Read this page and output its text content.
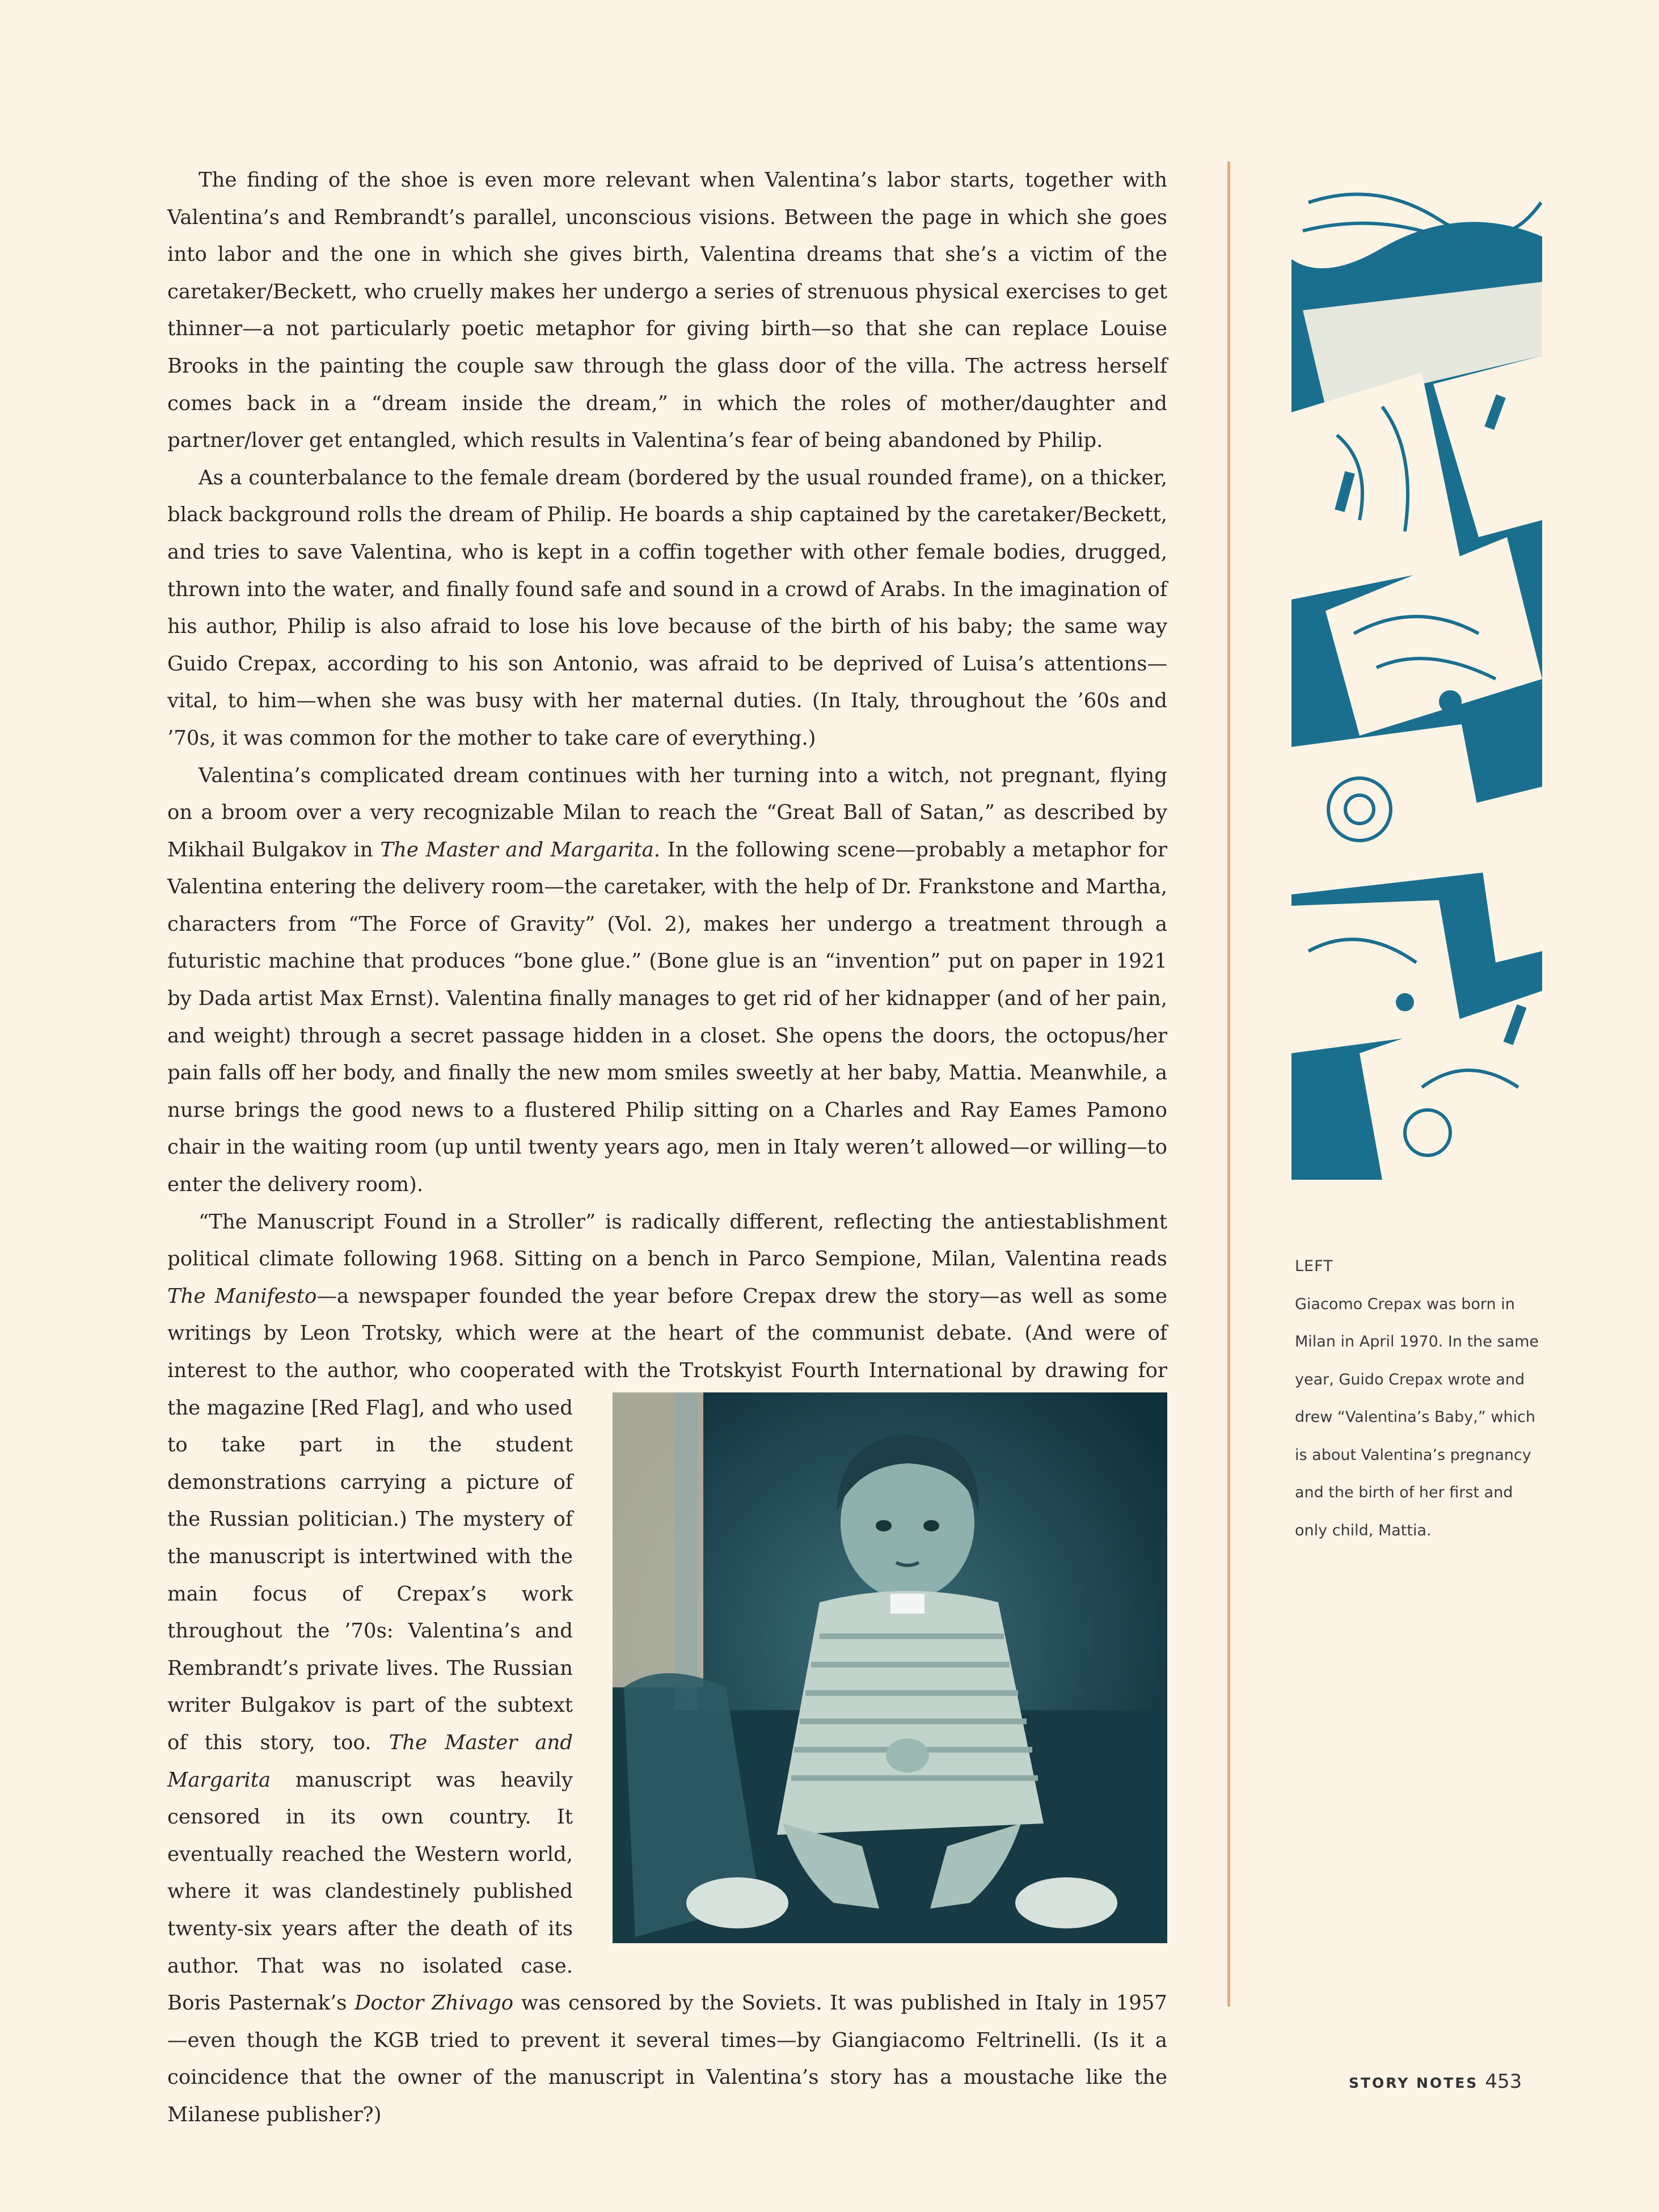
The finding of the shoe is even more relevant when Valentina’s labor starts, together with Valentina’s and Rembrandt’s parallel, unconscious visions. Between the page in which she goes into labor and the one in which she gives birth, Valentina dreams that she’s a victim of the caretaker/Beckett, who cruelly makes her undergo a series of strenuous physical exercises to get thinner—a not particularly poetic metaphor for giving birth—so that she can replace Louise Brooks in the painting the couple saw through the glass door of the villa. The actress herself comes back in a “dream inside the dream,” in which the roles of mother/daughter and partner/lover get entangled, which results in Valentina’s fear of being abandoned by Philip.

As a counterbalance to the female dream (bordered by the usual rounded frame), on a thicker, black background rolls the dream of Philip. He boards a ship captained by the caretaker/Beckett, and tries to save Valentina, who is kept in a coffin together with other female bodies, drugged, thrown into the water, and finally found safe and sound in a crowd of Arabs. In the imagination of his author, Philip is also afraid to lose his love because of the birth of his baby; the same way Guido Crepax, according to his son Antonio, was afraid to be deprived of Luisa’s attentions—vital, to him—when she was busy with her maternal duties. (In Italy, throughout the ’60s and ’70s, it was common for the mother to take care of everything.)

Valentina’s complicated dream continues with her turning into a witch, not pregnant, flying on a broom over a very recognizable Milan to reach the “Great Ball of Satan,” as described by Mikhail Bulgakov in The Master and Margarita. In the following scene—probably a metaphor for Valentina entering the delivery room—the caretaker, with the help of Dr. Frankstone and Martha, characters from “The Force of Gravity” (Vol. 2), makes her undergo a treatment through a futuristic machine that produces “bone glue.” (Bone glue is an “invention” put on paper in 1921 by Dada artist Max Ernst). Valentina finally manages to get rid of her kidnapper (and of her pain, and weight) through a secret passage hidden in a closet. She opens the doors, the octopus/her pain falls off her body, and finally the new mom smiles sweetly at her baby, Mattia. Meanwhile, a nurse brings the good news to a flustered Philip sitting on a Charles and Ray Eames Pamono chair in the waiting room (up until twenty years ago, men in Italy weren’t allowed—or willing—to enter the delivery room).

“The Manuscript Found in a Stroller” is radically different, reflecting the antiestablishment political climate following 1968. Sitting on a bench in Parco Sempione, Milan, Valentina reads The Manifesto—a newspaper founded the year before Crepax drew the story—as well as some writings by Leon Trotsky, which were at the heart of the communist debate. (And were of interest to the author, who cooperated with the Trotskyist Fourth International by drawing for the magazine
[Red Flag], and who used to take part in the student demonstrations carrying a picture of the Russian politician.) The mystery of the manuscript is intertwined with the main focus of Crepax’s work throughout the ’70s: Valentina’s and Rembrandt’s private lives. The Russian writer Bulgakov is part of the subtext of this story, too. The Master and Margarita manuscript was heavily censored in its own country. It eventually reached the Western world, where it was clandestinely published twenty-six years after the death of its author. That was no isolated case. Boris Pasternak’s Doctor Zhivago was censored by the Soviets. It was published in Italy in 1957—even though the KGB tried to prevent it several times—by Giangiacomo Feltrinelli. (Is it a coincidence that the owner of the manuscript in Valentina’s story has a moustache like the Milanese publisher?)

LEFT
Giacomo Crepax was born in Milan in April 1970. In the same year, Guido Crepax wrote and drew “Valentina’s Baby,” which is about Valentina’s pregnancy and the birth of her first and only child, Mattia.
STORY NOTES 453
